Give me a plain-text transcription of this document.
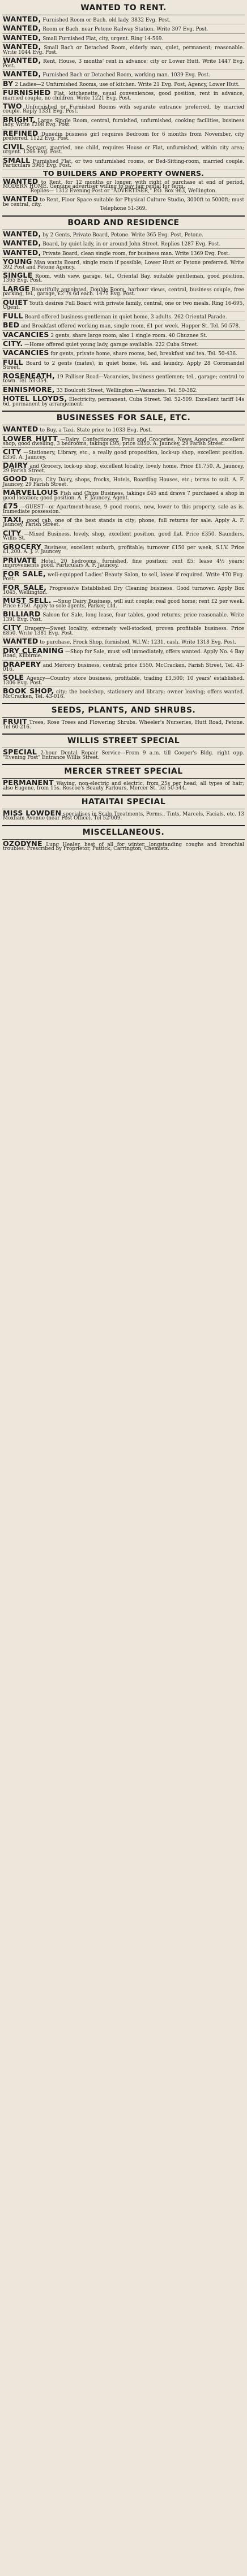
WANTED TO RENT.
WANTED, Furnished Room or Bach. old lady. 3832 Evg. Post.
WANTED, Room or Bach. near Petone Railway Station. Write 307 Evg. Post.
WANTED, Small Furnished Flat, city, urgent. Ring 14-569.
WANTED, Small Bach or Detached Room, elderly man, quiet, permanent; reasonable. Write 1044 Evg. Post.
WANTED, Rent, House, 3 months' rent in advance; city or Lower Hutt. Write 1447 Evg. Post.
WANTED, Furnished Bach or Detached Room, working man. 1039 Evg. Post.
BY 2 Ladies—2 Unfurnished Rooms, use of kitchen. Write 21 Evg. Post, Agency, Lower Hutt.
FURNISHED Flat, kitchenette, usual conveniences, good position, rent in advance, married couple, no children. Write 1221 Evg. Post.
TWO Unfurnished or Furnished Rooms with separate entrance preferred, by married couple. Reply 1331 Evg. Post.
BRIGHT, Large Single Room, central, furnished, unfurnished, cooking facilities, business lady. Write 1208 Evg. Post.
REFINED Dunedin business girl requires Bedroom for 6 months from November, city preferred. 1122 Evg. Post.
CIVIL Servant, married, one child, requires House or Flat, unfurnished, within city area; urgent. 1266 Evg. Post.
SMALL Furnished Flat, or two unfurnished rooms, or Bed-Sitting-room, married couple. Particulars 3965 Evg. Post.
TO BUILDERS AND PROPERTY OWNERS.
WANTED to Rent, for 12 months or longer, with right of purchase at end of period, MODERN HOME. Genuine advertiser willing to pay fair rental for term.
Replies— 1312 Evening Post or "ADVERTISER," P.O. Box 963, Wellington.
WANTED to Rent, Floor Space suitable for Physical Culture Studio, 3000ft to 5000ft; must be central, city.
Telephone 51-369.
BOARD AND RESIDENCE
WANTED, by 2 Gents, Private Board, Petone. Write 365 Evg. Post, Petone.
WANTED, Board, by quiet lady, in or around John Street. Replies 1287 Evg. Post.
WANTED, Private Board, clean single room, for business man. Write 1369 Evg. Post.
YOUNG Man wants Board, single room if possible; Lower Hutt or Petone preferred. Write 392 Post and Petone Agency.
SINGLE Room, with view, garage, tel., Oriental Bay, suitable gentleman, good position. 1365 Evg. Post.
LARGE Beautifully appointed, Double Room, harbour views, central, business couple, free parking, tel., garage, £2 7s 6d each. 1475 Evg. Post.
QUIET Youth desires Full Board with private family, central, one or two meals. Ring 16-695, Ugent.
FULL Board offered business gentleman in quiet home, 3 adults. 262 Oriental Parade.
BED and Breakfast offered working man, single room, £1 per week. Hopper St. Tel. 50-578.
VACANCIES 2 gents, share large room; also 1 single room. 40 Ghuznee St.
CITY. —Home offered quiet young lady, garage available. 222 Cuba Street.
VACANCIES for gents, private home, share rooms, bed, breakfast and tea. Tel. 50-436.
FULL Board to 2 gents (mates), in quiet home, tel. and laundry. Apply 28 Coromandel Street.
ROSENEATH, 19 Palliser Road—Vacancies, business gentlemen; tel., garage; central to town. Tel. 53-354.
ENNISMORE, 33 Boulcott Street, Wellington.—Vacancies. Tel. 50-382.
HOTEL LLOYDS, Electricity, permanent, Cuba Street. Tel. 52-509. Excellent tariff 14s 6d, permanent by arrangement.
BUSINESSES FOR SALE, ETC.
WANTED to Buy, a Taxi. State price to 1033 Evg. Post.
LOWER HUTT —Dairy, Confectionery, Fruit and Groceries, News Agencies, excellent shop, good dwelling, 3 bedrooms, takings £95; price £850. A. Jauncey, 29 Farish Street.
CITY —Stationery, Library, etc., a really good proposition, lock-up shop, excellent position. £350. A. Jauncey.
DAIRY and Grocery, lock-up shop, excellent locality, lovely home. Price £1,750. A. Jauncey, 29 Farish Street.
GOOD Buys. City Dairy, shops, frocks, Hotels, Boarding Houses, etc.; terms to suit. A. F. Jauncey, 29 Farish Street.
MARVELLOUS Fish and Chips Business, takings £45 and draws 7 purchased a shop in good location; good position. A. F. Jauncey, Agent.
£75 —GUEST—or Apartment-house, 9 good rooms, new, lower to this property, sale as is. Immediate possession.
TAXI, good cab, one of the best stands in city; phone, full returns for sale. Apply A. F. Jauncey, Farish Street.
CITY —Mixed Business, lovely, shop, excellent position, good flat. Price £350. Saunders, Willis St.
GROCERY Business, excellent suburb, profitable; turnover £150 per week, S.I.V. Price £1,200. A. J. F. Jauncey.
PRIVATE Hotel, 20 bedrooms, furnished, fine position; rent £5; lease 4½ years; improvements good. Particulars A. F. Jauncey.
FOR SALE, well-equipped Ladies' Beauty Salon, to sell, lease if required. Write 470 Evg. Post.
FOR SALE, Progressive Established Dry Cleaning business. Good turnover. Apply Box 1045, Wellington.
MUST SELL. —Snug Dairy Business, will suit couple; real good home; rent £2 per week. Price £750. Apply to sole agents, Parker, Ltd.
BILLIARD Saloon for Sale, long lease, four tables, good returns; price reasonable. Write 1391 Evg. Post.
CITY Drapery—Sweet locality, extremely well-stocked, proven profitable business. Price £850. Write 1381 Evg. Post.
WANTED to purchase, Frock Shop, furnished, W.I.W.; 1231, cash. Write 1318 Evg. Post.
DRY CLEANING —Shop for Sale, must sell immediately, offers wanted. Apply No. 4 Bay Road, Kilbirnie.
DRAPERY and Mercery business, central; price £550. McCracken, Farish Street, Tel. 43-016.
SOLE Agency—Country store business, profitable, trading £3,500; 10 years' established. 1306 Evg. Post.
BOOK SHOP, city; the bookshop, stationery and library; owner leaving; offers wanted. McCracken, Tel. 43-016.
SEEDS, PLANTS, AND SHRUBS.
FRUIT Trees, Rose Trees and Flowering Shrubs. Wheeler's Nurseries, Hutt Road, Petone. Tel 60-216.
WILLIS STREET SPECIAL
SPECIAL 2-hour Dental Repair Service—From 9 a.m. till Cooper's Bldg. right opp. "Evening Post" Entrance Willis Street.
MERCER STREET SPECIAL
PERMANENT Waving, non-electric and electric, from 25s per head; all types of hair; also Eugene, from 15s. Roscoe's Beauty Parlours, Mercer St. Tel 50-544.
HATAITAI SPECIAL
MISS LOWDEN specialises in Scalp Treatments, Perms., Tints, Marcels, Facials, etc. 13 Moxham Avenue (near Post Office). Tel 52-009.
MISCELLANEOUS.
OZODYNE Lung Healer, best of all for winter, longstanding coughs and bronchial troubles. Prescribed by Proprietor, Puttick, Carrington, Chemists.
